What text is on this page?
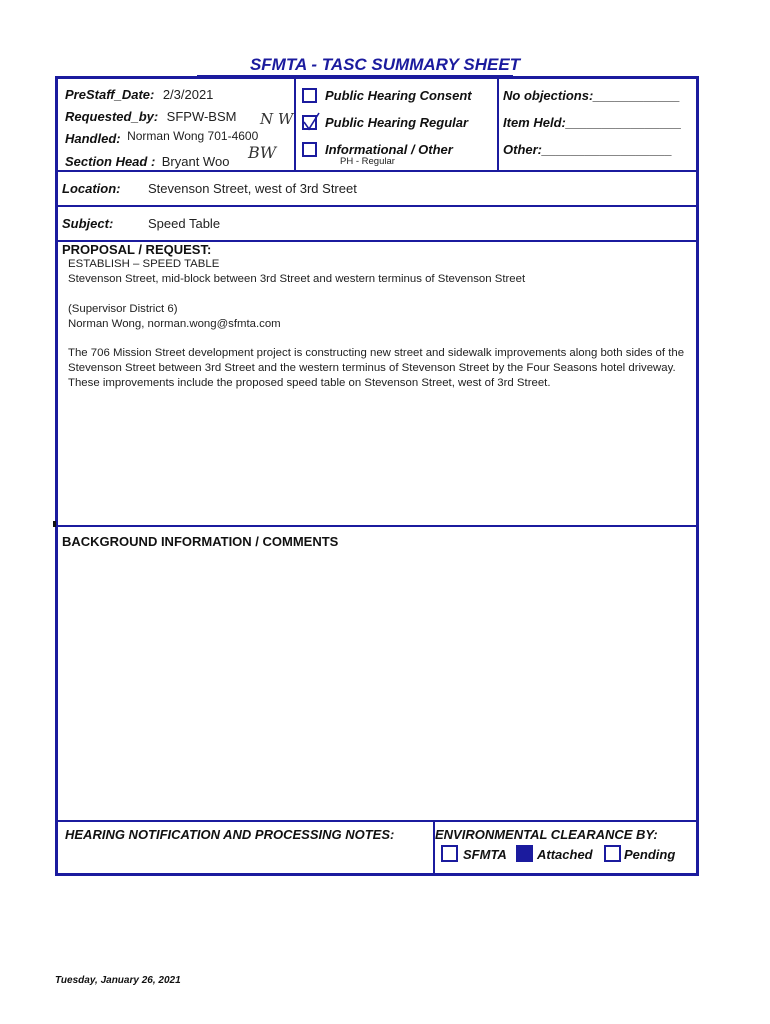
SFMTA - TASC SUMMARY SHEET
PreStaff_Date: 2/3/2021
Requested_by: SFPW-BSM N W
Handled: Norman Wong 701-4600
Section Head : Bryant Woo BW
Public Hearing Consent
Public Hearing Regular
Informational / Other
PH - Regular
No objections:____________
Item Held:________________
Other:__________________
Location: Stevenson Street, west of 3rd Street
Subject:	Speed Table
PROPOSAL / REQUEST:
ESTABLISH – SPEED TABLE
Stevenson Street, mid-block between 3rd Street and western terminus of Stevenson Street
(Supervisor District 6)
Norman Wong, norman.wong@sfmta.com
The 706 Mission Street development project is constructing new street and sidewalk improvements along both sides of the Stevenson Street between 3rd Street and the western terminus of Stevenson Street by the Four Seasons hotel driveway. These improvements include the proposed speed table on Stevenson Street, west of 3rd Street.
BACKGROUND INFORMATION / COMMENTS
HEARING NOTIFICATION AND PROCESSING NOTES:	ENVIRONMENTAL CLEARANCE BY:
SFMTA Attached Pending
Tuesday, January 26, 2021
